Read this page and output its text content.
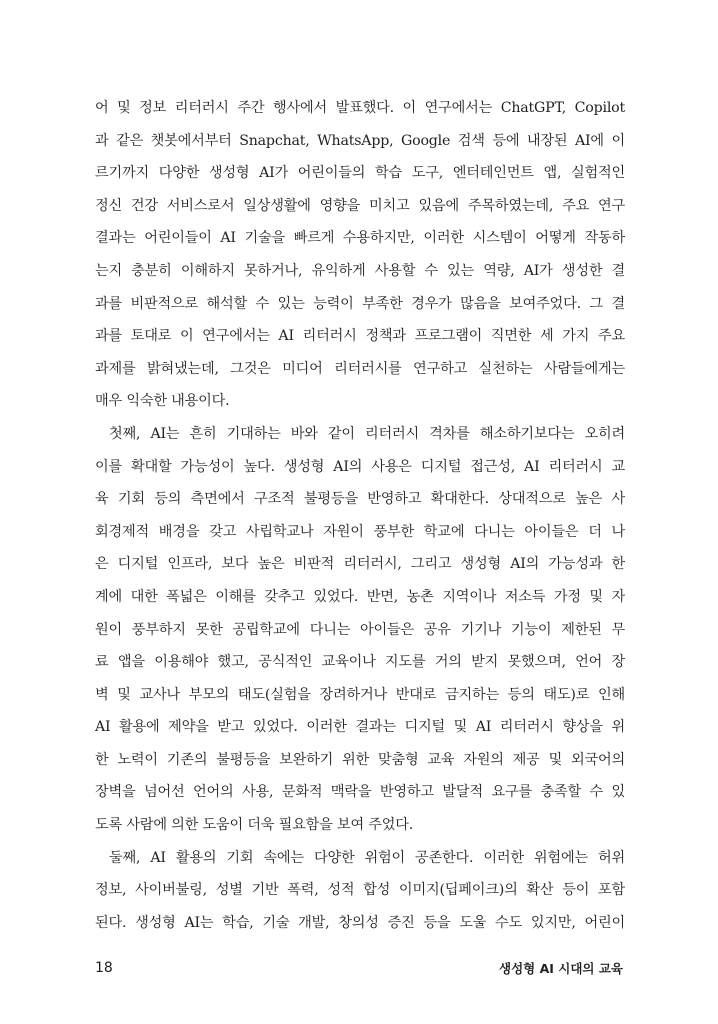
어 및 정보 리터러시 주간 행사에서 발표했다. 이 연구에서는 ChatGPT, Copilot
과 같은 챗봇에서부터 Snapchat, WhatsApp, Google 검색 등에 내장된 AI에 이
르기까지 다양한 생성형 AI가 어린이들의 학습 도구, 엔터테인먼트 앱, 실험적인
정신 건강 서비스로서 일상생활에 영향을 미치고 있음에 주목하였는데, 주요 연구
결과는 어린이들이 AI 기술을 빠르게 수용하지만, 이러한 시스템이 어떻게 작동하
는지 충분히 이해하지 못하거나, 유익하게 사용할 수 있는 역량, AI가 생성한 결
과를 비판적으로 해석할 수 있는 능력이 부족한 경우가 많음을 보여주었다. 그 결
과를 토대로 이 연구에서는 AI 리터러시 정책과 프로그램이 직면한 세 가지 주요
과제를 밝혀냈는데, 그것은 미디어 리터러시를 연구하고 실천하는 사람들에게는
매우 익숙한 내용이다.
첫째, AI는 흔히 기대하는 바와 같이 리터러시 격차를 해소하기보다는 오히려
이를 확대할 가능성이 높다. 생성형 AI의 사용은 디지털 접근성, AI 리터러시 교
육 기회 등의 측면에서 구조적 불평등을 반영하고 확대한다. 상대적으로 높은 사
회경제적 배경을 갖고 사립학교나 자원이 풍부한 학교에 다니는 아이들은 더 나
은 디지털 인프라, 보다 높은 비판적 리터러시, 그리고 생성형 AI의 가능성과 한
계에 대한 폭넓은 이해를 갖추고 있었다. 반면, 농촌 지역이나 저소득 가정 및 자
원이 풍부하지 못한 공립학교에 다니는 아이들은 공유 기기나 기능이 제한된 무
료 앱을 이용해야 했고, 공식적인 교육이나 지도를 거의 받지 못했으며, 언어 장
벽 및 교사나 부모의 태도(실험을 장려하거나 반대로 금지하는 등의 태도)로 인해
AI 활용에 제약을 받고 있었다. 이러한 결과는 디지털 및 AI 리터러시 향상을 위
한 노력이 기존의 불평등을 보완하기 위한 맞춤형 교육 자원의 제공 및 외국어의
장벽을 넘어선 언어의 사용, 문화적 맥락을 반영하고 발달적 요구를 충족할 수 있
도록 사람에 의한 도움이 더욱 필요함을 보여 주었다.
둘째, AI 활용의 기회 속에는 다양한 위험이 공존한다. 이러한 위험에는 허위
정보, 사이버불링, 성별 기반 폭력, 성적 합성 이미지(딥페이크)의 확산 등이 포함
된다. 생성형 AI는 학습, 기술 개발, 창의성 증진 등을 도울 수도 있지만, 어린이
18	생성형 AI 시대의 교육
